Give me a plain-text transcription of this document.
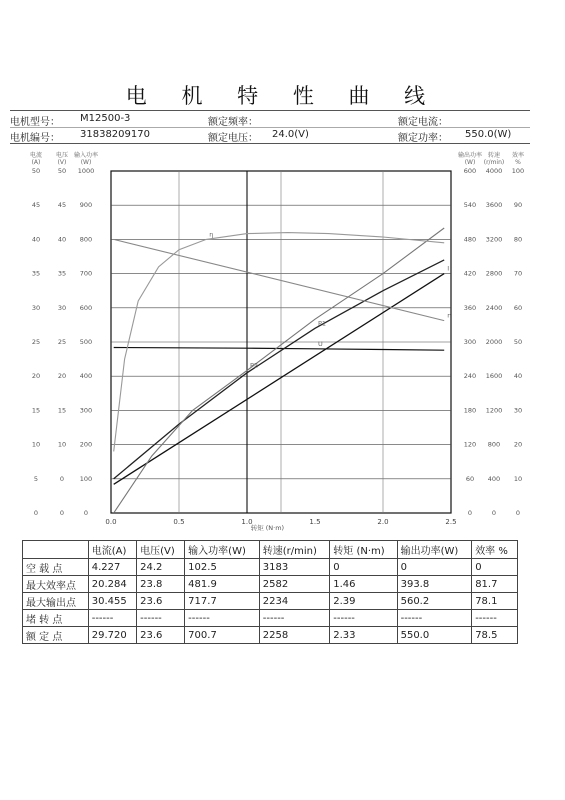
电 机 特 性 曲 线
电机型号： M12500-3	额定频率：	额定电流：
电机编号： 31838209170	额定电压： 24.0(V)	额定功率： 550.0(W)
电流
(A)
0
5
10
15
20
25
30
35
40
45
50
电压
(V)
0
0
10
15
20
25
30
35
40
45
50
输入功率
(W)
0
100
200
300
400
500
600
700
800
900
1000
输出功率
(W)
0
60
120
180
240
300
360
420
480
540
600
转速
(r/min)
0
400
800
1200
1600
2000
2400
2800
3200
3600
4000
效率
%
0
10
20
30
40
50
60
70
80
90
100
0.0	0.5	1.0	1.5	2.0	2.5
转矩 (N·m)
I
U
P1
n
P2
η
	电流(A)	电压(V)	输入功率(W)	转速(r/min)	转矩 (N·m)	输出功率(W)	效率 %
空 载 点	4.227	24.2	102.5	3183	0	0	0
最大效率点	20.284	23.8	481.9	2582	1.46	393.8	81.7
最大输出点	30.455	23.6	717.7	2234	2.39	560.2	78.1
堵 转 点	------	------	------	------	------	------	------
额 定 点	29.720	23.6	700.7	2258	2.33	550.0	78.5
